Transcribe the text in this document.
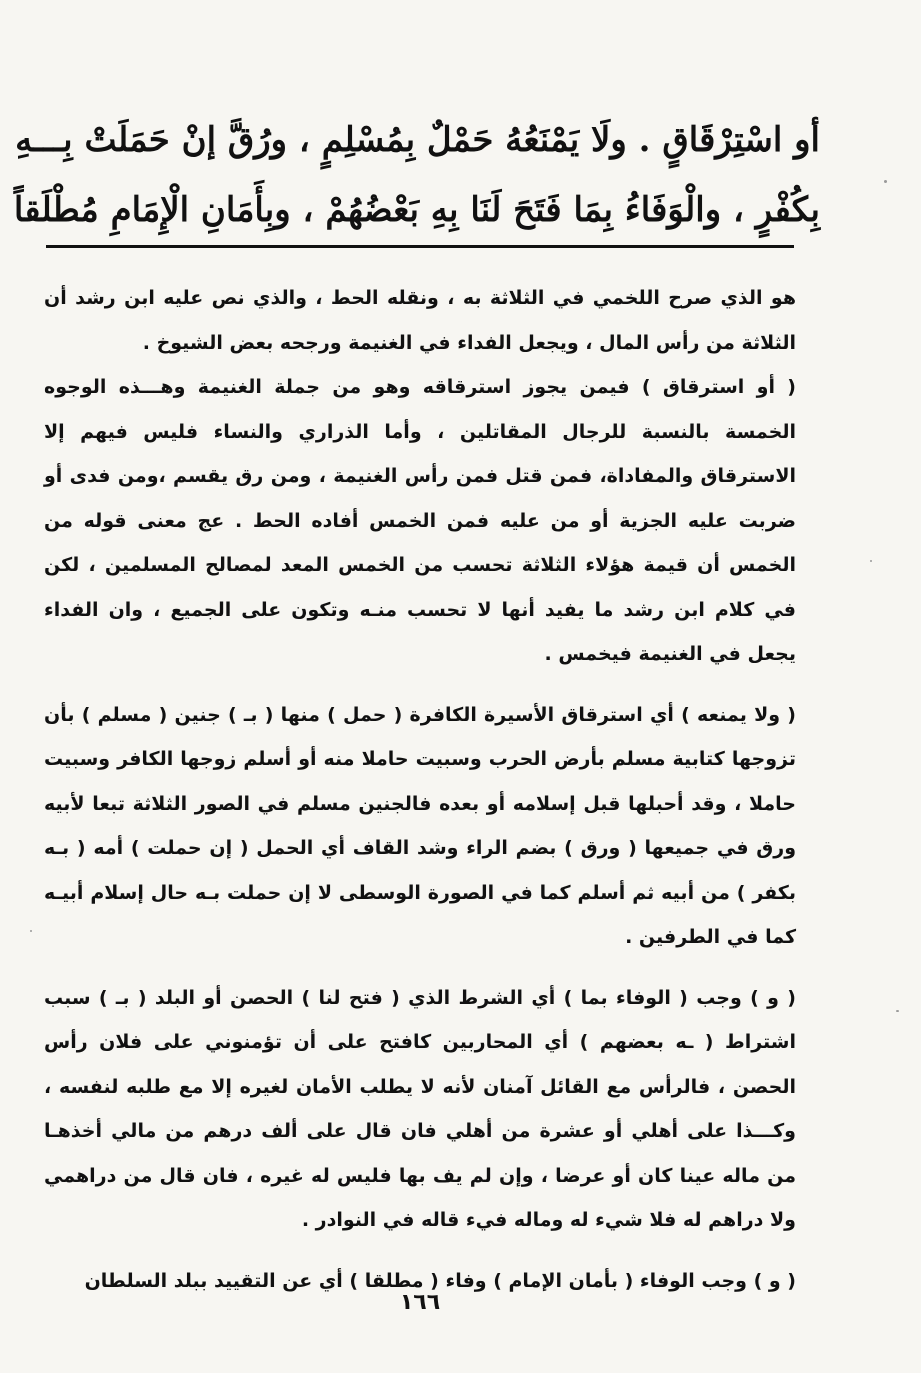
أو اسْتِرْقَاقٍ . ولَا يَمْنَعُهُ حَمْلٌ بِمُسْلِمٍ ، ورُقَّ إنْ حَمَلَتْ بِـــهِ
بِكُفْرٍ ، والْوَفَاءُ بِمَا فَتَحَ لَنَا بِهِ بَعْضُهُمْ ، وبِأَمَانِ الْإِمَامِ مُطْلَقاً

هو الذي صرح اللخمي في الثلاثة به ، ونقله الحط ، والذي نص عليه ابن رشد أن الثلاثة من رأس المال ، ويجعل الفداء في الغنيمة ورجحه بعض الشيوخ .

( أو استرقاق ) فيمن يجوز استرقاقه وهو من جملة الغنيمة وهـــذه الوجوه الخمسة بالنسبة للرجال المقاتلين ، وأما الذراري والنساء فليس فيهم إلا الاسترقاق والمفاداة، فمن قتل فمن رأس الغنيمة ، ومن رق يقسم ،ومن فدى أو ضربت عليه الجزية أو من عليه فمن الخمس أفاده الحط . عج معنى قوله من الخمس أن قيمة هؤلاء الثلاثة تحسب من الخمس المعد لمصالح المسلمين ، لكن في كلام ابن رشد ما يفيد أنها لا تحسب منـه وتكون على الجميع ، وان الفداء يجعل في الغنيمة فيخمس .

( ولا يمنعه ) أي استرقاق الأسيرة الكافرة ( حمل ) منها ( بـ ) جنين ( مسلم ) بأن تزوجها كتابية مسلم بأرض الحرب وسبيت حاملا منه أو أسلم زوجها الكافر وسبيت حاملا ، وقد أحبلها قبل إسلامه أو بعده فالجنين مسلم في الصور الثلاثة تبعا لأبيه ورق في جميعها ( ورق ) بضم الراء وشد القاف أي الحمل ( إن حملت ) أمه ( بـه بكفر ) من أبيه ثم أسلم كما في الصورة الوسطى لا إن حملت بـه حال إسلام أبيـه كما في الطرفين .

( و ) وجب ( الوفاء بما ) أي الشرط الذي ( فتح لنا ) الحصن أو البلد ( بـ ) سبب اشتراط ( ـه بعضهم ) أي المحاربين كافتح على أن تؤمنوني على فلان رأس الحصن ، فالرأس مع القائل آمنان لأنه لا يطلب الأمان لغيره إلا مع طلبه لنفسه ، وكـــذا على أهلي أو عشرة من أهلي فان قال على ألف درهم من مالي أخذهـا من ماله عينا كان أو عرضا ، وإن لم يف بها فليس له غيره ، فان قال من دراهمي ولا دراهم له فلا شيء له وماله فيء قاله في النوادر .

( و ) وجب الوفاء ( بأمان الإمام ) وفاء ( مطلقا ) أي عن التقييد ببلد السلطان

١٦٦
